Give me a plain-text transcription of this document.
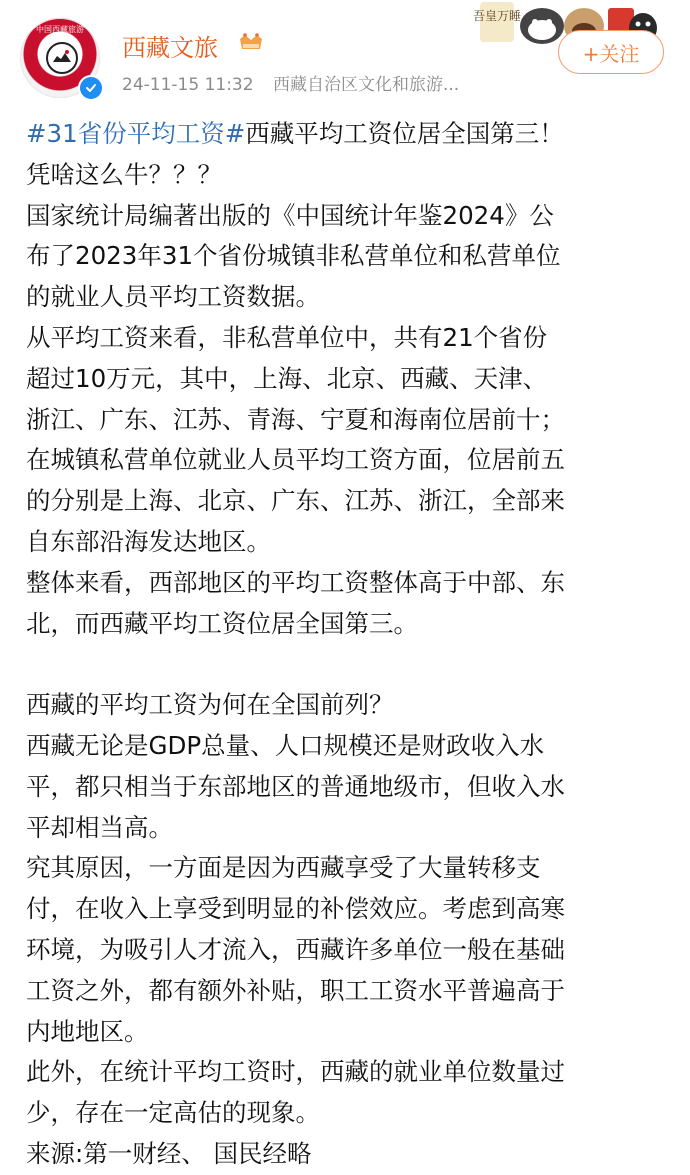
中国西藏旅游
西藏文旅
24-11-15 11:32 西藏自治区文化和旅游...
吾皇万睡
+关注

#31省份平均工资#西藏平均工资位居全国第三！

凭啥这么牛？？？

国家统计局编著出版的《中国统计年鉴2024》公

布了2023年31个省份城镇非私营单位和私营单位

的就业人员平均工资数据。

从平均工资来看，非私营单位中，共有21个省份

超过10万元，其中，上海、北京、西藏、天津、

浙江、广东、江苏、青海、宁夏和海南位居前十；

在城镇私营单位就业人员平均工资方面，位居前五

的分别是上海、北京、广东、江苏、浙江，全部来

自东部沿海发达地区。

整体来看，西部地区的平均工资整体高于中部、东

北，而西藏平均工资位居全国第三。

西藏的平均工资为何在全国前列？

西藏无论是GDP总量、人口规模还是财政收入水

平，都只相当于东部地区的普通地级市，但收入水

平却相当高。

究其原因，一方面是因为西藏享受了大量转移支

付，在收入上享受到明显的补偿效应。考虑到高寒

环境，为吸引人才流入，西藏许多单位一般在基础

工资之外，都有额外补贴，职工工资水平普遍高于

内地地区。

此外，在统计平均工资时，西藏的就业单位数量过

少，存在一定高估的现象。

来源:第一财经、 国民经略
